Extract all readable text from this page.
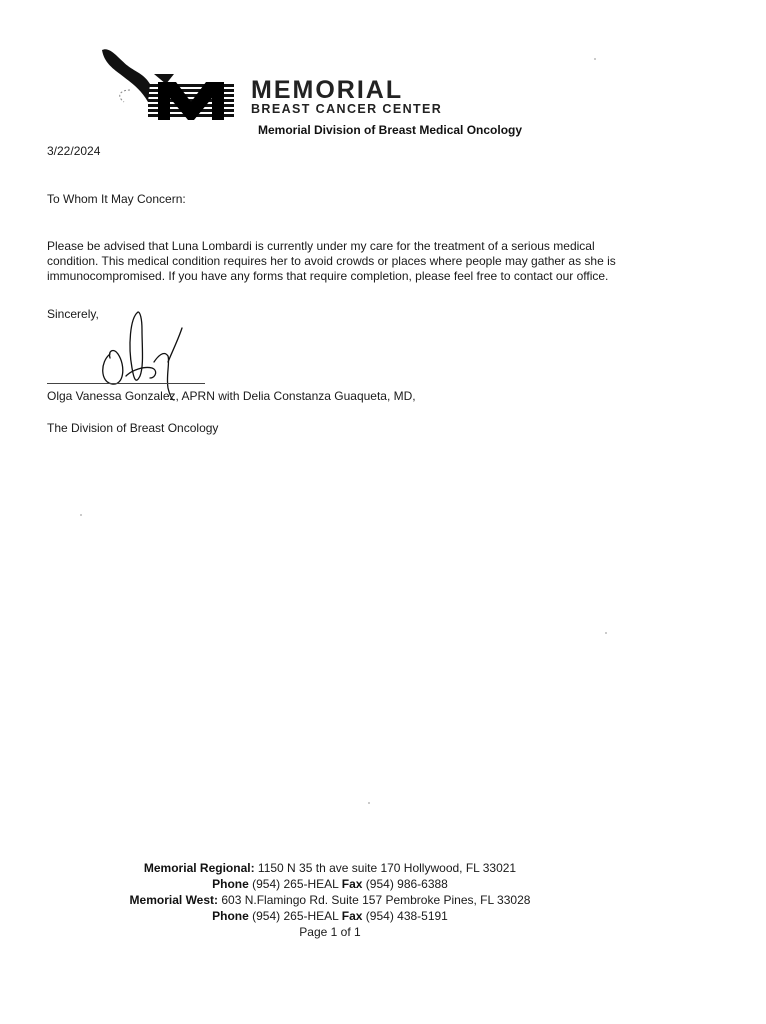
MEMORIAL
BREAST CANCER CENTER
Memorial Division of Breast Medical Oncology
3/22/2024
To Whom It May Concern:
Please be advised that Luna Lombardi is currently under my care for the treatment of a serious medical
condition. This medical condition requires her to avoid crowds or places where people may gather as she is
immunocompromised. If you have any forms that require completion, please feel free to contact our office.
Sincerely,
Olga Vanessa Gonzalez, APRN with Delia Constanza Guaqueta, MD,
The Division of Breast Oncology
Memorial Regional: 1150 N 35 th ave suite 170 Hollywood, FL 33021
Phone (954) 265-HEAL Fax (954) 986-6388
Memorial West: 603 N.Flamingo Rd. Suite 157 Pembroke Pines, FL 33028
Phone (954) 265-HEAL Fax (954) 438-5191
Page 1 of 1
